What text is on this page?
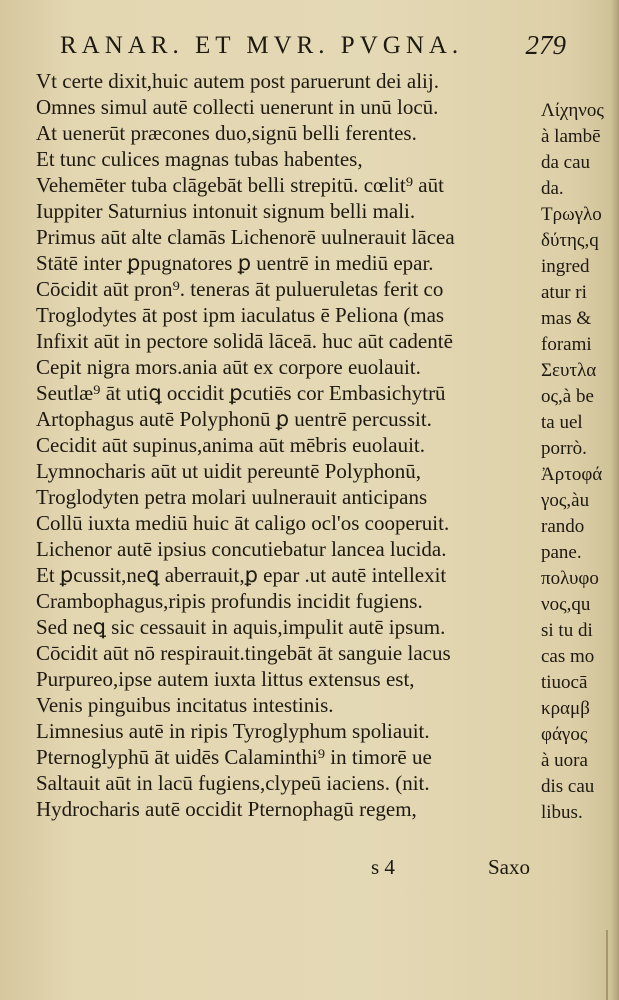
RANAR. ET MVR. PVGNA. 279
Vt certe dixit,huic autem post paruerunt dei alij.
Omnes simul autē collecti uenerunt in unū locū.
At uenerūt præcones duo,signū belli ferentes.
Et tunc culices magnas tubas habentes,
Vehemēter tuba clāgebāt belli strepitū. cœlit⁹ aūt
Iuppiter Saturnius intonuit signum belli mali.
Primus aūt alte clamās Lichenorē uulnerauit lācea
Stātē inter ꝑpugnatores ꝑ uentrē in mediū epar.
Cōcidit aūt pron⁹. teneras āt pulueruletas ferit co
Troglodytes āt post ipm iaculatus ē Peliona (mas
Infixit aūt in pectore solidā lāceā. huc aūt cadentē
Cepit nigra mors.ania aūt ex corpore euolauit.
Seutlæ⁹ āt utiꝗ occidit ꝑcutiēs cor Embasichytrū
Artophagus autē Polyphonū ꝑ uentrē percussit.
Cecidit aūt supinus,anima aūt mēbris euolauit.
Lymnocharis aūt ut uidit pereuntē Polyphonū,
Troglodyten petra molari uulnerauit anticipans
Collū iuxta mediū huic āt caligo ocl'os cooperuit.
Lichenor autē ipsius concutiebatur lancea lucida.
Et ꝑcussit,neꝗ aberrauit,ꝑ epar .ut autē intellexit
Crambophagus,ripis profundis incidit fugiens.
Sed neꝗ sic cessauit in aquis,impulit autē ipsum.
Cōcidit aūt nō respirauit.tingebāt āt sanguie lacus
Purpureo,ipse autem iuxta littus extensus est,
Venis pinguibus incitatus intestinis.
Limnesius autē in ripis Tyroglyphum spoliauit.
Pternoglyphū āt uidēs Calaminthi⁹ in timorē ue
Saltauit aūt in lacū fugiens,clypeū iaciens. (nit.
Hydrocharis autē occidit Pternophagū regem,
Λίχηνος
à lambē
da cau
da.
Τρωγλο
δύτης,q
ingred
atur ri
mas &
forami
Σευτλα
ος,à be
ta uel
porrò.
Ἀρτοφά
γος,àu
rando
pane.
πολυφο
νος,qu
si tu di
cas mo
tiuocā
κραμβ
φάγος
à uora
dis cau
libus.
s 4	Saxo
